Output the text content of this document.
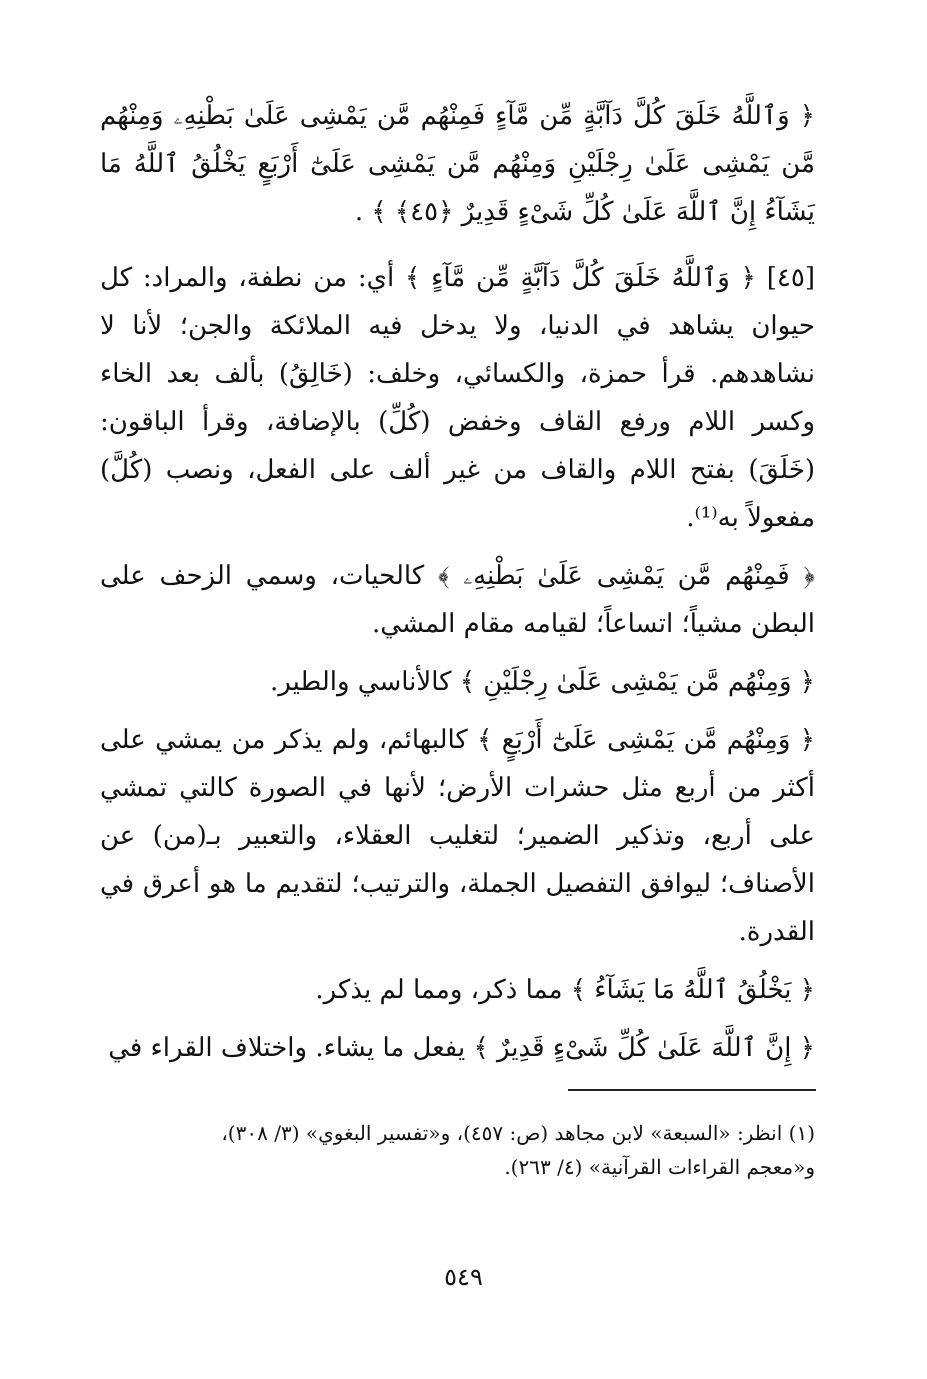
﴿ وَٱللَّهُ خَلَقَ كُلَّ دَآبَّةٍ مِّن مَّآءٍ فَمِنْهُم مَّن يَمْشِى عَلَىٰ بَطْنِهِۦ وَمِنْهُم مَّن يَمْشِى عَلَىٰ رِجْلَيْنِ وَمِنْهُم مَّن يَمْشِى عَلَىٰٓ أَرْبَعٍ يَخْلُقُ ٱللَّهُ مَا يَشَآءُ إِنَّ ٱللَّهَ عَلَىٰ كُلِّ شَىْءٍ قَدِيرٌ ﴿٤٥﴾ ﴾ .

[٤٥] ﴿ وَٱللَّهُ خَلَقَ كُلَّ دَآبَّةٍ مِّن مَّآءٍ ﴾ أي: من نطفة، والمراد: كل حيوان يشاهد في الدنيا، ولا يدخل فيه الملائكة والجن؛ لأنا لا نشاهدهم. قرأ حمزة، والكسائي، وخلف: (خَالِقُ) بألف بعد الخاء وكسر اللام ورفع القاف وخفض (كُلِّ) بالإضافة، وقرأ الباقون: (خَلَقَ) بفتح اللام والقاف من غير ألف على الفعل، ونصب (كُلَّ) مفعولاً به⁽¹⁾.

﴿ فَمِنْهُم مَّن يَمْشِى عَلَىٰ بَطْنِهِۦ ﴾ كالحيات، وسمي الزحف على البطن مشياً؛ اتساعاً؛ لقيامه مقام المشي.

﴿ وَمِنْهُم مَّن يَمْشِى عَلَىٰ رِجْلَيْنِ ﴾ كالأناسي والطير.

﴿ وَمِنْهُم مَّن يَمْشِى عَلَىٰٓ أَرْبَعٍ ﴾ كالبهائم، ولم يذكر من يمشي على أكثر من أربع مثل حشرات الأرض؛ لأنها في الصورة كالتي تمشي على أربع، وتذكير الضمير؛ لتغليب العقلاء، والتعبير بـ(من) عن الأصناف؛ ليوافق التفصيل الجملة، والترتيب؛ لتقديم ما هو أعرق في القدرة.

﴿ يَخْلُقُ ٱللَّهُ مَا يَشَآءُ ﴾ مما ذكر، ومما لم يذكر.

﴿ إِنَّ ٱللَّهَ عَلَىٰ كُلِّ شَىْءٍ قَدِيرٌ ﴾ يفعل ما يشاء. واختلاف القراء في

(١) انظر: «السبعة» لابن مجاهد (ص: ٤٥٧)، و«تفسير البغوي» (٣/ ٣٠٨)،

و«معجم القراءات القرآنية» (٤/ ٢٦٣).

٥٤٩
